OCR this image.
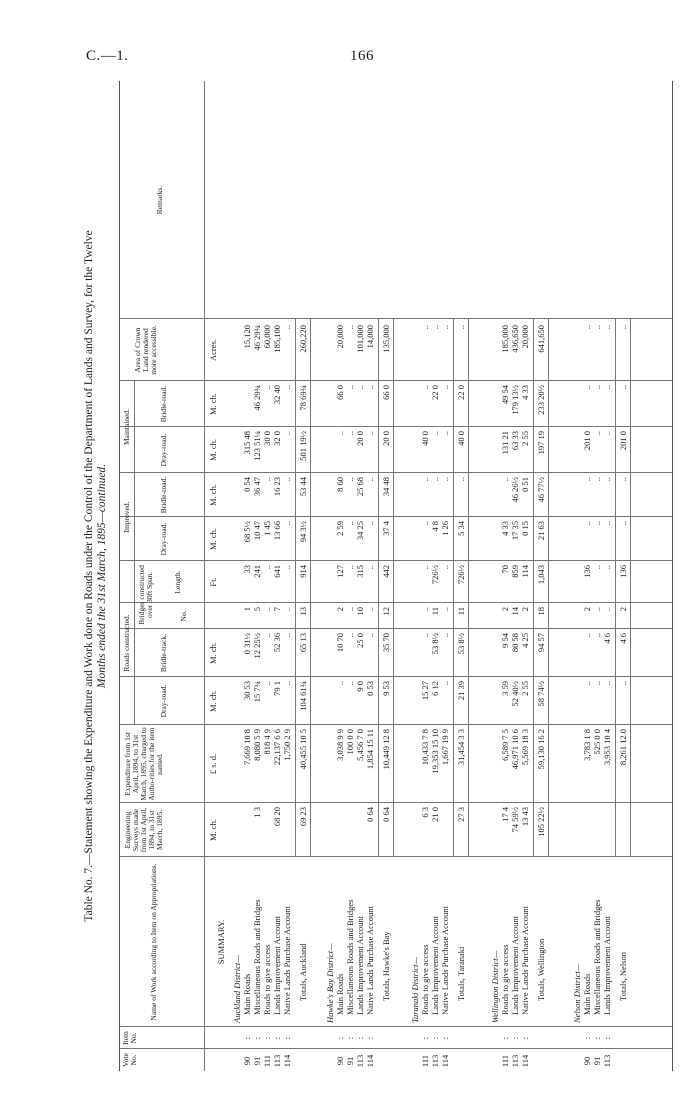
C.—1.	166
Table No. 7.—Statement showing the Expenditure and Work done on Roads under the Control of the Department of Lands and Survey, for the Twelve Months ended the 31st March, 1895—continued.
Vote No.
Item No.
Name of Work according to Item on Appropriations.
Engineering Surveys made from 1st April, 1894, to 31st March, 1895.
Expenditure from 1st April, 1894, to 31st March, 1895, charged to Autho-rities for the item named.
Roads constructed.
Dray-road.
Bridle-track.
Bridges constructed over 30ft Span.	No.
Length.
Improved.
Dray-road.
Bridle-road.
Maintained.
Dray-road.
Bridle-road.
Area of Crown Land rendered more accessible.
Remarks.
M. ch.
£ s. d.
M. ch.
M. ch.
Ft.
M. ch.
M. ch.
M. ch.
M. ch.
Acres.
SUMMARY.
Auckland District—
90
:
Main Roads
7,669 10 8
30 53
0 31½
1
33
68 5½
0 54
315 48
15,120
91
:
Miscellaneous Roads and Bridges
1 3
8,080 5 9
15 7¾
12 25½
5
241
10 47
36 47
123 51¼
46 29¾
46 29¾
111
:
Roads to give access
818 4 9
..
..
..
..
1 45
..
30 0
..
60,000
113
:
Lands Improvement Account
68 20
22,137 6 6
79 1
52 36
7
641
13 66
16 23
32 0
32 40
185,100
114
:
Native Lands Purchase Account
1,750 2 9
..
..
..
..
..
..
..
..
..
Totals, Auckland
69 23
40,455 10 5
104 61¾
65 13
13
914
94 3½
53 44
501 19½
78 69¾
260,220
Hawke's Bay District—
90
:
Main Roads
3,038 9 9
..
10 70
2
127
2 59
8 60
..
66 0
20,000
91
:
Miscellaneous Roads and Bridges
100 0 0
..
..
..
..
..
..
..
..
..
113
:
Lands Improvement Account
5,456 7 0
9 0
25 0
10
315
34 25
25 68
20 0
..
101,000
114
:
Native Lands Purchase Account
0 64
1,854 15 11
0 53
..
..
..
..
..
..
..
14,000
Totals, Hawke's Bay
0 64
10,449 12 8
9 53
35 70
12
442
37 4
34 48
20 0
66 0
135,000
Taranaki District—
111
:
Roads to give access
6 3
10,433 7 8
15 27
..
..
..
..
..
40 0
..
..
113
:
Lands Improvement Account
21 0
19,353 15 10
6 12
53 8½
11
726½
4 8
..
..
22 0
..
114
:
Native Lands Purchase Account
1,667 19 9
..
..
..
..
1 26
..
..
..
..
Totals, Taranaki
27 3
31,454 3 3
21 39
53 8½
11
726½
5 34
..
40 0
22 0
..
Wellington District—
111
:
Roads to give access
17 4
6,589 7 5
3 59
9 54
2
70
4 33
..
131 21
49 54
185,000
113
:
Lands Improvement Account
74 59½
46,971 10 6
52 40½
80 58
14
859
17 35
46 26½
63 33
179 13½
436,650
114
:
Native Lands Purchase Account
13 43
5,569 18 3
2 55
4 25
2
114
0 15
0 51
2 55
4 33
20,000
Totals, Wellington
105 22½
59,130 16 2
58 74½
94 57
18
1,043
21 63
46 77½
197 19
233 20½
641,650
Nelson District—
90
:
Main Roads
3,783 1 8
..
..
2
136
..
..
201 0
..
..
91
:
Miscellaneous Roads and Bridges
525 0 0
..
..
..
..
..
..
..
..
..
113
:
Lands Improvement Account
3,953 10 4
..
4 6
..
..
..
..
..
..
..
Totals, Nelson
8,261 12 0
..
4 6
2
136
..
..
201 0
..
..
